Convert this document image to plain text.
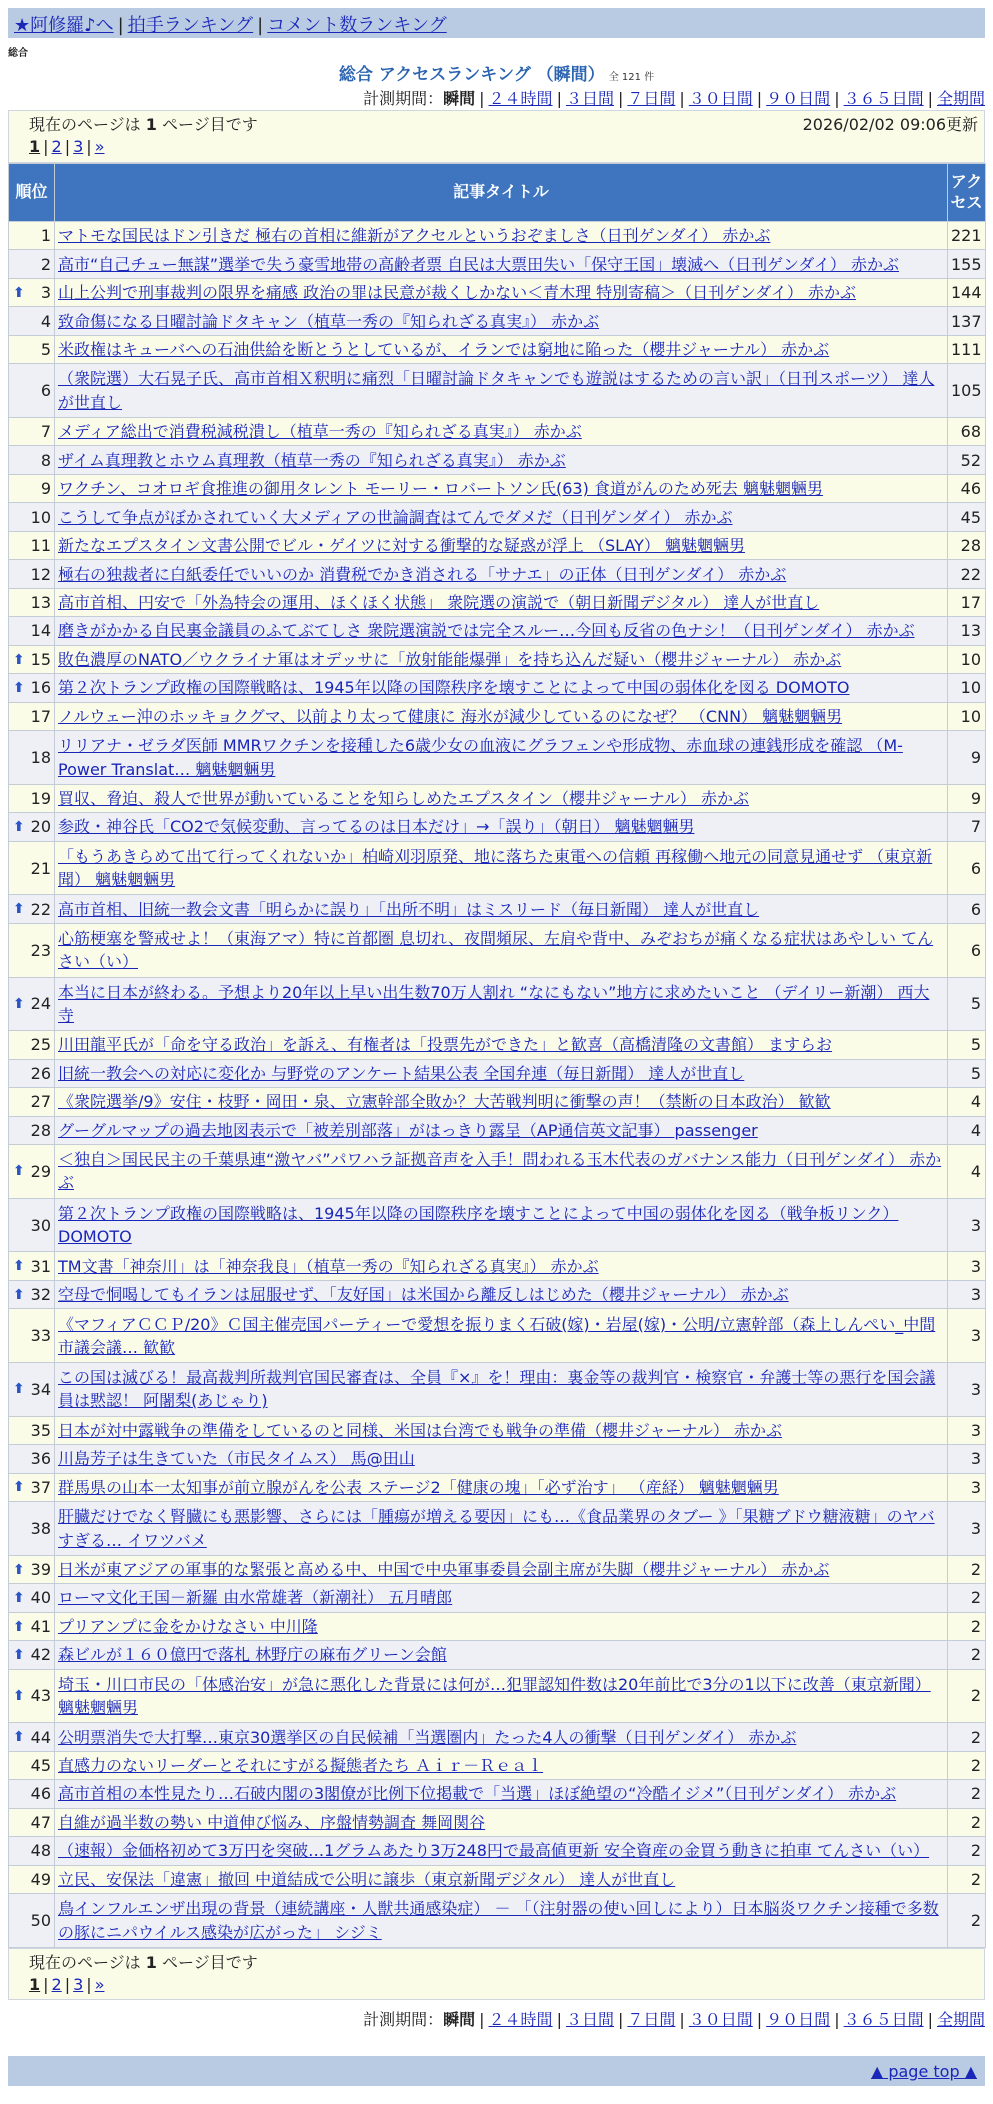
★阿修羅♪へ | 拍手ランキング | コメント数ランキング
総合
総合 アクセスランキング （瞬間） 全 121 件
計測期間：瞬間 | ２４時間 | ３日間 | ７日間 | ３０日間 | ９０日間 | ３６５日間 | 全期間
現在のページは 1 ページ目です	2026/02/02 09:06更新
1 | 2 | 3 | »
順位	記事タイトル	アクセス
1	マトモな国民はドン引きだ 極右の首相に維新がアクセルというおぞましさ（日刊ゲンダイ） 赤かぶ	221
2	高市“自己チュー無謀”選挙で失う豪雪地帯の高齢者票 自民は大票田失い「保守王国」壊滅へ（日刊ゲンダイ） 赤かぶ	155

⬆ 3	山上公判で刑事裁判の限界を痛感 政治の罪は民意が裁くしかない＜青木理 特別寄稿＞（日刊ゲンダイ） 赤かぶ	144
4	致命傷になる日曜討論ドタキャン（植草一秀の『知られざる真実』） 赤かぶ	137
5	米政権はキューバへの石油供給を断とうとしているが、イランでは窮地に陥った（櫻井ジャーナル） 赤かぶ	111
6	（衆院選）大石晃子氏、高市首相Ｘ釈明に痛烈「日曜討論ドタキャンでも遊説はするための言い訳」（日刊スポーツ） 達人が世直し	105
7	メディア総出で消費税減税潰し（植草一秀の『知られざる真実』） 赤かぶ	68
8	ザイム真理教とホウム真理教（植草一秀の『知られざる真実』） 赤かぶ	52
9	ワクチン、コオロギ食推進の御用タレント モーリー・ロバートソン氏(63) 食道がんのため死去 魑魅魍魎男	46
10	こうして争点がぼかされていく大メディアの世論調査はてんでダメだ（日刊ゲンダイ） 赤かぶ	45
11	新たなエプスタイン文書公開でビル・ゲイツに対する衝撃的な疑惑が浮上 （SLAY） 魑魅魍魎男	28
12	極右の独裁者に白紙委任でいいのか 消費税でかき消される「サナエ」の正体（日刊ゲンダイ） 赤かぶ	22
13	高市首相、円安で「外為特会の運用、ほくほく状態」 衆院選の演説で（朝日新聞デジタル） 達人が世直し	17
14	磨きがかかる自民裏金議員のふてぶてしさ 衆院選演説では完全スルー…今回も反省の色ナシ！（日刊ゲンダイ） 赤かぶ	13

⬆ 15	敗色濃厚のNATO／ウクライナ軍はオデッサに「放射能能爆弾」を持ち込んだ疑い（櫻井ジャーナル） 赤かぶ	10

⬆ 16	第２次トランプ政権の国際戦略は、1945年以降の国際秩序を壊すことによって中国の弱体化を図る DOMOTO	10
17	ノルウェー沖のホッキョクグマ、以前より太って健康に 海氷が減少しているのになぜ？ （CNN） 魑魅魍魎男	10
18	リリアナ・ゼラダ医師 MMRワクチンを接種した6歳少女の血液にグラフェンや形成物、赤血球の連銭形成を確認 （M-Power Translat… 魑魅魍魎男	9
19	買収、脅迫、殺人で世界が動いていることを知らしめたエプスタイン（櫻井ジャーナル） 赤かぶ	9

⬆ 20	参政・神谷氏「CO2で気候変動、言ってるのは日本だけ」→「誤り」（朝日） 魑魅魍魎男	7
21	「もうあきらめて出て行ってくれないか」柏崎刈羽原発、地に落ちた東電への信頼 再稼働へ地元の同意見通せず （東京新聞） 魑魅魍魎男	6

⬆ 22	高市首相、旧統一教会文書「明らかに誤り」「出所不明」はミスリード（毎日新聞） 達人が世直し	6
23	心筋梗塞を警戒せよ！（東海アマ）特に首都圏 息切れ、夜間頻尿、左肩や背中、みぞおちが痛くなる症状はあやしい てんさい（い）	6

⬆ 24	本当に日本が終わる。予想より20年以上早い出生数70万人割れ “なにもない”地方に求めたいこと （デイリー新潮） 西大寺	5
25	川田龍平氏が「命を守る政治」を訴え、有権者は「投票先ができた」と歓喜（高橋清隆の文書館） ますらお	5
26	旧統一教会への対応に変化か 与野党のアンケート結果公表 全国弁連（毎日新聞） 達人が世直し	5
27	《衆院選挙/9》安住・枝野・岡田・泉、立憲幹部全敗か？大苦戦判明に衝撃の声！（禁断の日本政治） 歓歓	4
28	グーグルマップの過去地図表示で「被差別部落」がはっきり露呈（AP通信英文記事） passenger	4

⬆ 29	＜独自＞国民民主の千葉県連“激ヤバ”パワハラ証拠音声を入手！問われる玉木代表のガバナンス能力（日刊ゲンダイ） 赤かぶ	4
30	第２次トランプ政権の国際戦略は、1945年以降の国際秩序を壊すことによって中国の弱体化を図る（戦争板リンク） DOMOTO	3

⬆ 31	TM文書「神奈川」は「神奈我良」（植草一秀の『知られざる真実』） 赤かぶ	3

⬆ 32	空母で恫喝してもイランは屈服せず、「友好国」は米国から離反しはじめた（櫻井ジャーナル） 赤かぶ	3
33	《マフィアＣＣＰ/20》Ｃ国主催売国パーティーで愛想を振りまく石破(嫁)・岩屋(嫁)・公明/立憲幹部（森上しんぺい_中間市議会議… 歓歓	3

⬆ 34	この国は滅びる！最高裁判所裁判官国民審査は、全員『×』を！理由：裏金等の裁判官・検察官・弁護士等の悪行を国会議員は黙認！ 阿闍梨(あじゃり)	3
35	日本が対中露戦争の準備をしているのと同様、米国は台湾でも戦争の準備（櫻井ジャーナル） 赤かぶ	3
36	川島芳子は生きていた（市民タイムス） 馬@田山	3

⬆ 37	群馬県の山本一太知事が前立腺がんを公表 ステージ2「健康の塊」「必ず治す」 （産経） 魑魅魍魎男	3
38	肝臓だけでなく腎臓にも悪影響、さらには「腫瘍が増える要因」にも…《食品業界のタブー 》「果糖ブドウ糖液糖」のヤバすぎる… イワツバメ	3

⬆ 39	日米が東アジアの軍事的な緊張と高める中、中国で中央軍事委員会副主席が失脚（櫻井ジャーナル） 赤かぶ	2

⬆ 40	ローマ文化王国－新羅 由水常雄著（新潮社） 五月晴郎	2

⬆ 41	プリアンプに金をかけなさい 中川隆	2

⬆ 42	森ビルが１６０億円で落札 林野庁の麻布グリーン会館	2

⬆ 43	埼玉・川口市民の「体感治安」が急に悪化した背景には何が…犯罪認知件数は20年前比で3分の1以下に改善（東京新聞） 魑魅魍魎男	2

⬆ 44	公明票消失で大打撃…東京30選挙区の自民候補「当選圏内」たった4人の衝撃（日刊ゲンダイ） 赤かぶ	2
45	直感力のないリーダーとそれにすがる擬態者たち Ａｉｒ－Ｒｅａｌ	2
46	高市首相の本性見たり…石破内閣の3閣僚が比例下位掲載で「当選」ほぼ絶望の“冷酷イジメ”（日刊ゲンダイ） 赤かぶ	2
47	自維が過半数の勢い 中道伸び悩み、序盤情勢調査 舞岡関谷	2
48	（速報）金価格初めて3万円を突破…1グラムあたり3万248円で最高値更新 安全資産の金買う動きに拍車 てんさい（い）	2
49	立民、安保法「違憲」撤回 中道結成で公明に譲歩（東京新聞デジタル） 達人が世直し	2
50	鳥インフルエンザ出現の背景（連続講座・人獣共通感染症） － 「（注射器の使い回しにより）日本脳炎ワクチン接種で多数の豚にニパウイルス感染が広がった」 シジミ	2
現在のページは 1 ページ目です
1 | 2 | 3 | »
計測期間：瞬間 | ２４時間 | ３日間 | ７日間 | ３０日間 | ９０日間 | ３６５日間 | 全期間
▲ page top ▲
